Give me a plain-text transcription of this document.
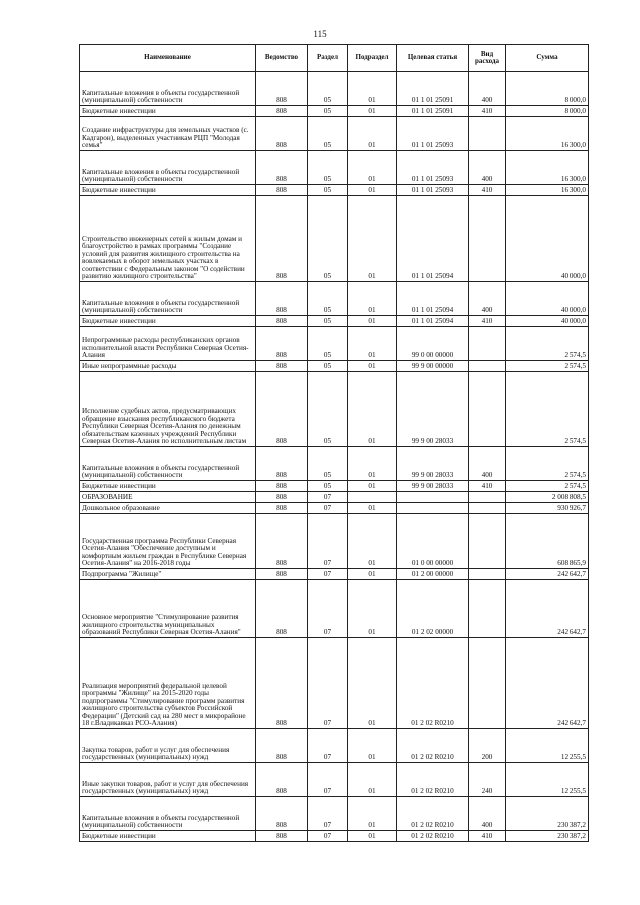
115
Наименование	Ведомство	Раздел	Подраздел	Целевая статья	Вид расхода	Сумма
Капитальные вложения в объекты государственной (муниципальной) собственности	808	05	01	01 1 01 25091	400	8 000,0
Бюджетные инвестиции	808	05	01	01 1 01 25091	410	8 000,0
Создание инфраструктуры для земельных участков (с. Кадгарон), выделенных участникам РЦП "Молодая семья"	808	05	01	01 1 01 25093		16 300,0
Капитальные вложения в объекты государственной (муниципальной) собственности	808	05	01	01 1 01 25093	400	16 300,0
Бюджетные инвестиции	808	05	01	01 1 01 25093	410	16 300,0
Строительство инженерных сетей к жилым домам и благоустройство в рамках программы "Создание условий для развития жилищного строительства на вовлекаемых в оборот земельных участках в соответствии с Федеральным законом "О содействии развитию жилищного строительства"	808	05	01	01 1 01 25094		40 000,0
Капитальные вложения в объекты государственной (муниципальной) собственности	808	05	01	01 1 01 25094	400	40 000,0
Бюджетные инвестиции	808	05	01	01 1 01 25094	410	40 000,0
Непрограммные расходы республиканских органов исполнительной власти Республики Северная Осетия-Алания	808	05	01	99 0 00 00000		2 574,5
Иные непрограммные расходы	808	05	01	99 9 00 00000		2 574,5
Исполнение судебных актов, предусматривающих обращение взыскания республиканского бюджета Республики Северная Осетия-Алания по денежным обязательствам казенных учреждений Республики Северная Осетия-Алания по исполнительным листам	808	05	01	99 9 00 28033		2 574,5
Капитальные вложения в объекты государственной (муниципальной) собственности	808	05	01	99 9 00 28033	400	2 574,5
Бюджетные инвестиции	808	05	01	99 9 00 28033	410	2 574,5
ОБРАЗОВАНИЕ	808	07				2 008 808,5
Дошкольное образование	808	07	01			930 926,7
Государственная программа Республики Северная Осетия-Алания "Обеспечение доступным и комфортным жильем граждан в Республике Северная Осетия-Алания" на 2016-2018 годы	808	07	01	01 0 00 00000		608 865,9
Подпрограмма "Жилище"	808	07	01	01 2 00 00000		242 642,7
Основное мероприятие "Стимулирование развития жилищного строительства муниципальных образований Республики Северная Осетия-Алания"	808	07	01	01 2 02 00000		242 642,7
Реализация мероприятий федеральной целевой программы "Жилище" на 2015-2020 годы подпрограммы "Стимулирование программ развития жилищного строительства субъектов Российской Федерации" (Детский сад на 280 мест в микрорайоне 18 г.Владикавказ РСО-Алания)	808	07	01	01 2 02 R0210		242 642,7
Закупка товаров, работ и услуг для обеспечения государственных (муниципальных) нужд	808	07	01	01 2 02 R0210	200	12 255,5
Иные закупки товаров, работ и услуг для обеспечения государственных (муниципальных) нужд	808	07	01	01 2 02 R0210	240	12 255,5
Капитальные вложения в объекты государственной (муниципальной) собственности	808	07	01	01 2 02 R0210	400	230 387,2
Бюджетные инвестиции	808	07	01	01 2 02 R0210	410	230 387,2
